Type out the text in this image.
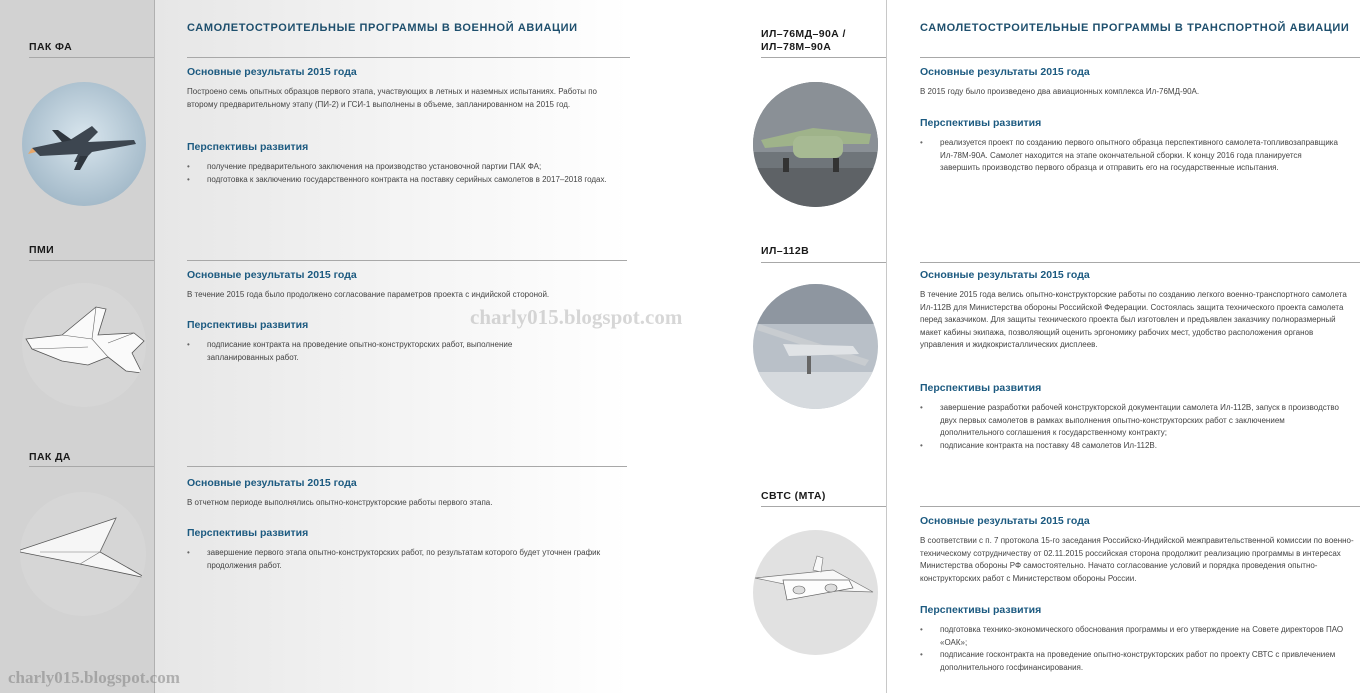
САМОЛЕТОСТРОИТЕЛЬНЫЕ ПРОГРАММЫ В ВОЕННОЙ АВИАЦИИ
ПАК ФА
Основные результаты 2015 года
Построено семь опытных образцов первого этапа, участвующих в летных и наземных испытаниях. Работы по второму предварительному этапу (ПИ-2) и ГСИ-1 выполнены в объеме, запланированном на 2015 год.
Перспективы развития
• получение предварительного заключения на производство установочной партии ПАК ФА;
• подготовка к заключению государственного контракта на поставку серийных самолетов в 2017–2018 годах.
ПМИ
Основные результаты 2015 года
В течение 2015 года было продолжено согласование параметров проекта с индийской стороной.
Перспективы развития
• подписание контракта на проведение опытно-конструкторских работ, выполнение запланированных работ.
ПАК ДА
Основные результаты 2015 года
В отчетном периоде выполнялись опытно-конструкторские работы первого этапа.
Перспективы развития
• завершение первого этапа опытно-конструкторских работ, по результатам которого будет уточнен график продолжения работ.
САМОЛЕТОСТРОИТЕЛЬНЫЕ ПРОГРАММЫ В ТРАНСПОРТНОЙ АВИАЦИИ
ИЛ–76МД–90А / ИЛ–78М–90А
Основные результаты 2015 года
В 2015 году было произведено два авиационных комплекса Ил-76МД-90А.
Перспективы развития
• реализуется проект по созданию первого опытного образца перспективного самолета-топливозаправщика Ил-78М-90А. Самолет находится на этапе окончательной сборки. К концу 2016 года планируется завершить производство первого образца и отправить его на государственные испытания.
ИЛ–112В
Основные результаты 2015 года
В течение 2015 года велись опытно-конструкторские работы по созданию легкого военно-транспортного самолета Ил-112В для Министерства обороны Российской Федерации. Состоялась защита технического проекта самолета перед заказчиком. Для защиты технического проекта был изготовлен и предъявлен заказчику полноразмерный макет кабины экипажа, позволяющий оценить эргономику рабочих мест, удобство расположения органов управления и жидкокристаллических дисплеев.
Перспективы развития
• завершение разработки рабочей конструкторской документации самолета Ил-112В, запуск в производство двух первых самолетов в рамках выполнения опытно-конструкторских работ с заключением дополнительного соглашения к государственному контракту;
• подписание контракта на поставку 48 самолетов Ил-112В.
СВТС (МТА)
Основные результаты 2015 года
В соответствии с п. 7 протокола 15-го заседания Российско-Индийской межправительственной комиссии по военно-техническому сотрудничеству от 02.11.2015 российская сторона продолжит реализацию программы в интересах Министерства обороны РФ самостоятельно. Начато согласование условий и порядка проведения опытно-конструкторских работ с Министерством обороны России.
Перспективы развития
• подготовка технико-экономического обоснования программы и его утверждение на Совете директоров ПАО «ОАК»;
• подписание госконтракта на проведение опытно-конструкторских работ по проекту СВТС с привлечением дополнительного госфинансирования.
charly015.blogspot.com
charly015.blogspot.com
